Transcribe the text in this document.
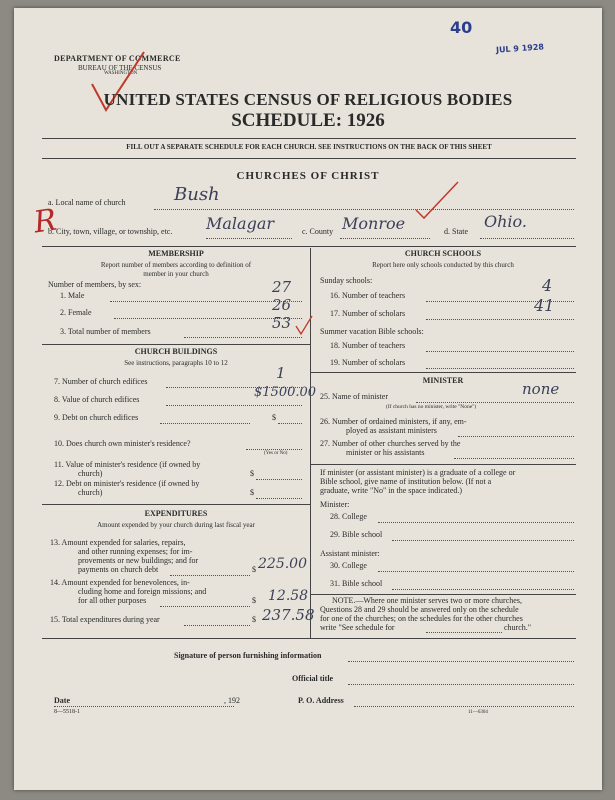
40
JUL 9 1928
DEPARTMENT OF COMMERCE
BUREAU OF THE CENSUS
WASHINGTON
UNITED STATES CENSUS OF RELIGIOUS BODIES
SCHEDULE: 1926
FILL OUT A SEPARATE SCHEDULE FOR EACH CHURCH. SEE INSTRUCTIONS ON THE BACK OF THIS SHEET
CHURCHES OF CHRIST
a. Local name of church	Bush
b. City, town, village, or township, etc. Malagar	c. County Monroe	d. State
Ohio.
R
MEMBERSHIP
Report number of members according to definition of
member in your church
Number of members, by sex:
1. Male	27
2. Female	26
3. Total number of members	53
CHURCH BUILDINGS
See instructions, paragraphs 10 to 12
7. Number of church edifices	1
8. Value of church edifices	$1500.00
9. Debt on church edifices	$
10. Does church own minister's residence?
(Yes or No)
11. Value of minister's residence (if owned by
church)	$
12. Debt on minister's residence (if owned by
church)	$
EXPENDITURES
Amount expended by your church during last fiscal year
13. Amount expended for salaries, repairs,
and other running expenses; for im-
provements or new buildings; and for
payments on church debt	$ 225.00
14. Amount expended for benevolences, in-
cluding home and foreign missions; and
for all other purposes	$ 12.58
15. Total expenditures during year	$ 237.58
CHURCH SCHOOLS
Report here only schools conducted by this church
Sunday schools:
16. Number of teachers
4
17. Number of scholars	41
Summer vacation Bible schools:
18. Number of teachers
19. Number of scholars
MINISTER
25. Name of minister
(If church has no minister, write "None")
none
26. Number of ordained ministers, if any, em-
ployed as assistant ministers
27. Number of other churches served by the
minister or his assistants
If minister (or assistant minister) is a graduate of a college or
Bible school, give name of institution below. (If not a
graduate, write "No" in the space indicated.)
Minister:
28. College
29. Bible school
Assistant minister:
30. College
31. Bible school
NOTE.—Where one minister serves two or more churches,
Questions 28 and 29 should be answered only on the schedule
for one of the churches; on the schedules for the other churches
write "See schedule for	church."
Signature of person furnishing information
Official title
Date	, 192	P. O. Address
8—5518-1	11—6304
